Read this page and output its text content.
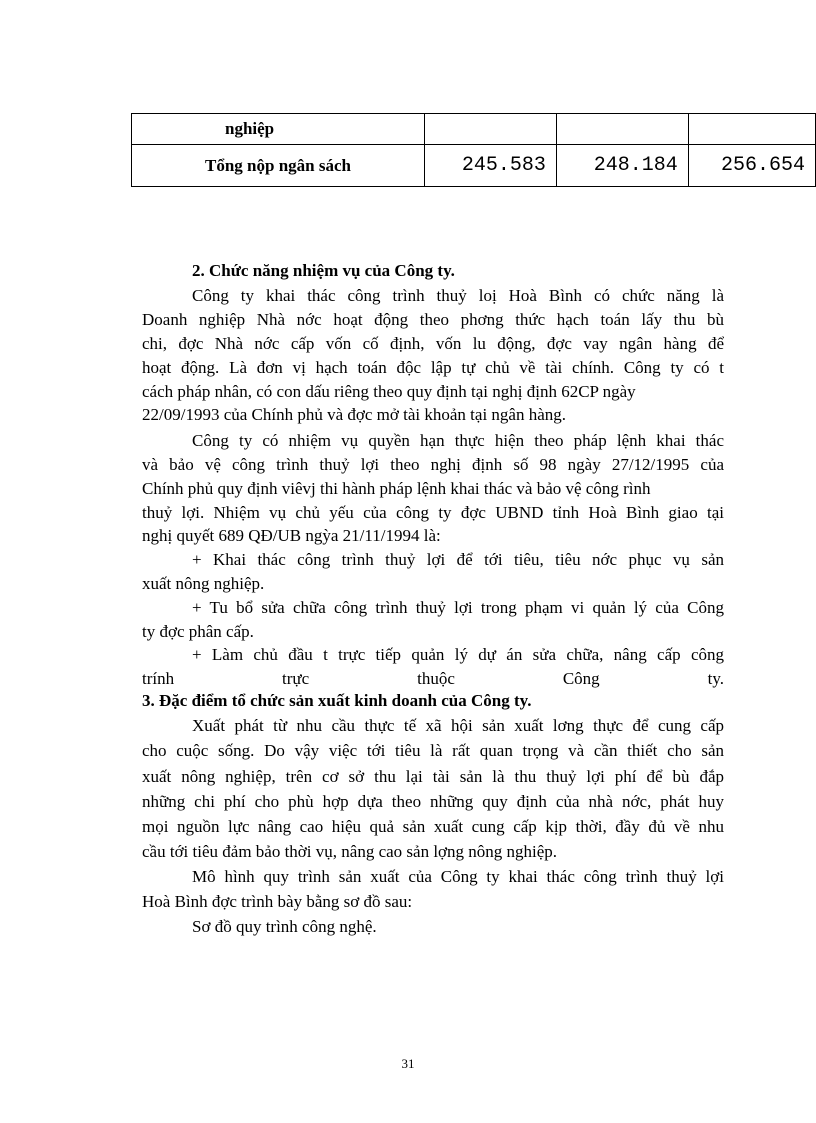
nghiệp			
Tổng nộp ngân sách	245.583	248.184	256.654
2. Chức năng nhiệm vụ của Công ty.
Công ty khai thác công trình thuỷ loị Hoà Bình có chức năng là
Doanh nghiệp Nhà nớc hoạt động theo phơng thức hạch toán lấy thu bù
chi, đợc Nhà nớc cấp vốn cố định, vốn lu động, đợc vay ngân hàng để
hoạt động. Là đơn vị hạch toán độc lập tự chủ về tài chính. Công ty có t
cách pháp nhân, có con dấu riêng theo quy định tại nghị định 62CP ngày
22/09/1993 của Chính phủ và đợc mở tài khoản tại ngân hàng.
Công ty có nhiệm vụ quyền hạn thực hiện theo pháp lệnh khai thác
và bảo vệ công trình thuỷ lợi theo nghị định số 98 ngày 27/12/1995 của
Chính phủ quy định viêvj thi hành pháp lệnh khai thác và bảo vệ công rình
thuỷ lợi. Nhiệm vụ chủ yếu của công ty đợc UBND tỉnh Hoà Bình giao tại
nghị quyết 689 QĐ/UB ngỳa 21/11/1994 là:
+ Khai thác công trình thuỷ lợi để tới tiêu, tiêu nớc phục vụ sản
xuất nông nghiệp.
+ Tu bổ sửa chữa công trình thuỷ lợi trong phạm vi quản lý của Công
ty đợc phân cấp.
+ Làm chủ đầu t trực tiếp quản lý dự án sửa chữa, nâng cấp công
trính trực thuộc Công ty.
3. Đặc điểm tổ chức sản xuất kinh doanh của Công ty.
Xuất phát từ nhu cầu thực tế xã hội sản xuất lơng thực để cung cấp
cho cuộc sống. Do vậy việc tới tiêu là rất quan trọng và cần thiết cho sản
xuất nông nghiệp, trên cơ sở thu lại tài sản là thu thuỷ lợi phí để bù đắp
những chi phí cho phù hợp dựa theo những quy định của nhà nớc, phát huy
mọi nguồn lực nâng cao hiệu quả sản xuất cung cấp kịp thời, đầy đủ về nhu
cầu tới tiêu đảm bảo thời vụ, nâng cao sản lợng nông nghiệp.
Mô hình quy trình sản xuất của Công ty khai thác công trình thuỷ lợi
Hoà Bình đợc trình bày bằng sơ đồ sau:
Sơ đồ quy trình công nghệ.
31
